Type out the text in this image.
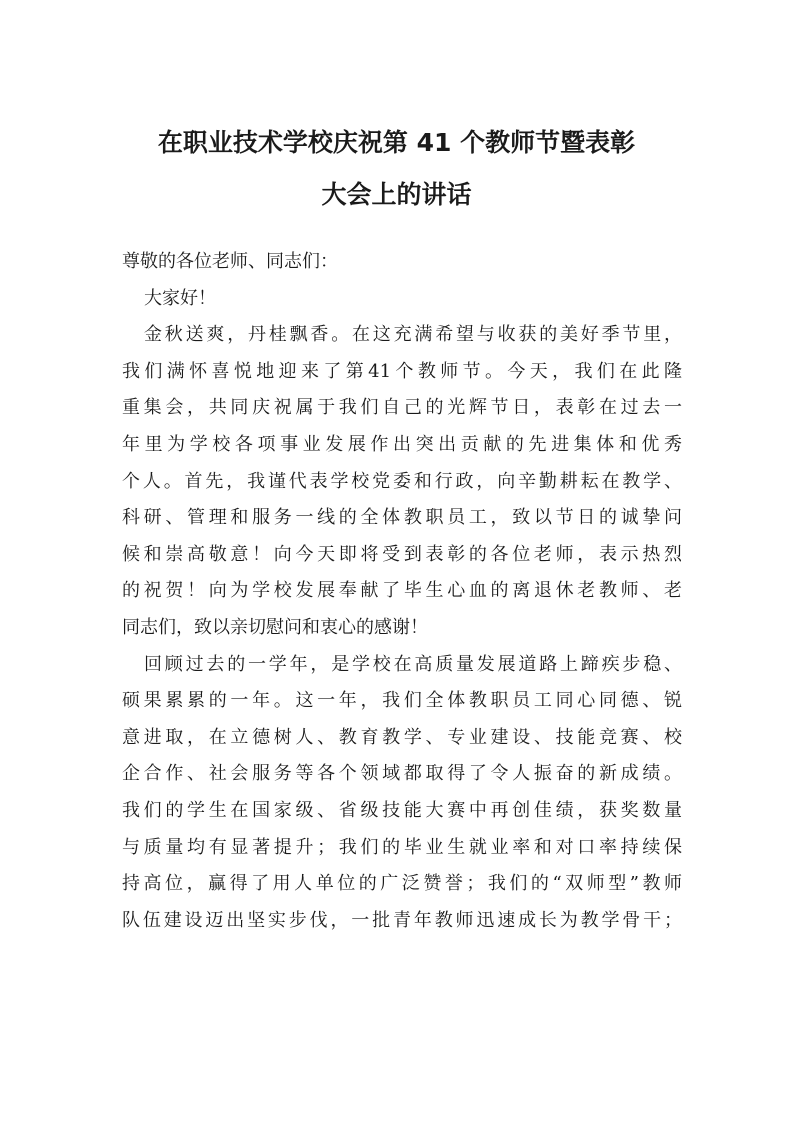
在职业技术学校庆祝第 41 个教师节暨表彰
大会上的讲话
尊敬的各位老师、同志们：
大家好！
金秋送爽，丹桂飘香。在这充满希望与收获的美好季节里，
我们满怀喜悦地迎来了第41个教师节。今天，我们在此隆
重集会，共同庆祝属于我们自己的光辉节日，表彰在过去一
年里为学校各项事业发展作出突出贡献的先进集体和优秀
个人。首先，我谨代表学校党委和行政，向辛勤耕耘在教学、
科研、管理和服务一线的全体教职员工，致以节日的诚挚问
候和崇高敬意！向今天即将受到表彰的各位老师，表示热烈
的祝贺！向为学校发展奉献了毕生心血的离退休老教师、老
同志们，致以亲切慰问和衷心的感谢！
回顾过去的一学年，是学校在高质量发展道路上蹄疾步稳、
硕果累累的一年。这一年，我们全体教职员工同心同德、锐
意进取，在立德树人、教育教学、专业建设、技能竞赛、校
企合作、社会服务等各个领域都取得了令人振奋的新成绩。
我们的学生在国家级、省级技能大赛中再创佳绩，获奖数量
与质量均有显著提升；我们的毕业生就业率和对口率持续保
持高位，赢得了用人单位的广泛赞誉；我们的“双师型”教师
队伍建设迈出坚实步伐，一批青年教师迅速成长为教学骨干；
